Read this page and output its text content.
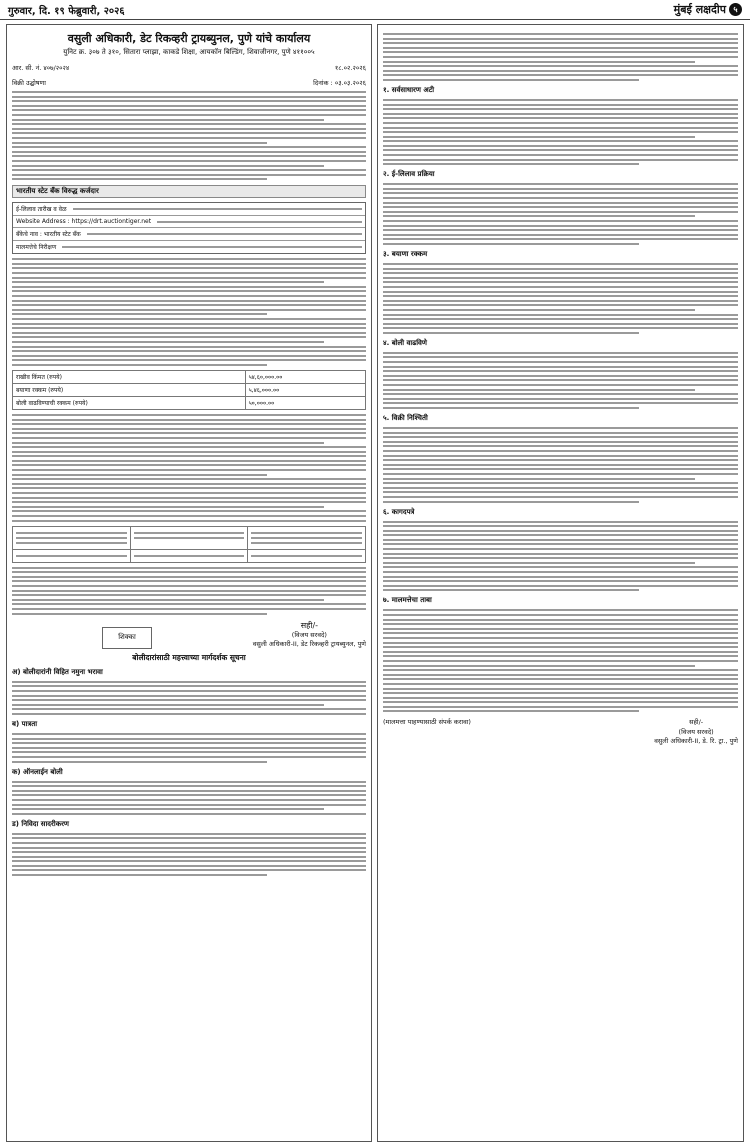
गुरुवार, दि. १९ फेब्रुवारी, २०२६	मुंबई लक्षदीप ५
वसुली अधिकारी, डेट रिकव्हरी ट्रायब्युनल, पुणे यांचे कार्यालय
युनिट क्र. ३०७ ते ३१०, सितारा प्लाझा, काकडे शिक्षा, आयकॉन बिल्डिंग, शिवाजीनगर, पुणे ४११००५
आर. सी. नं. ४०७/२०२४	१८.०२.२०२६
विक्री उद्घोषणा	दिनांक : ०३.०३.२०२६
भारतीय स्टेट बँक विरुद्ध कर्जदार
ई-लिलाव तारीख व वेळ
Website Address : https://drt.auctiontiger.net
बँकेचे नाव : भारतीय स्टेट बँक
मालमत्तेचे निरीक्षण
राखीव किंमत (रुपये)	५४,६०,०००.००
बयाणा रक्कम (रुपये)	५,४६,०००.००
बोली वाढविण्याची रक्कम (रुपये)	५०,०००.००

शिक्का
सही/-
(विजय सरवदे)
वसुली अधिकारी-II, डेट रिकव्हरी ट्रायब्युनल, पुणे
बोलीदारांसाठी महत्त्वाच्या मार्गदर्शक सूचना
अ) बोलीदारांनी विहित नमुना भरावा
ब) पात्रता
क) ऑनलाईन बोली
ड) निविदा सादरीकरण
१. सर्वसाधारण अटी
२. ई-लिलाव प्रक्रिया
३. बयाणा रक्कम
४. बोली वाढविणे
५. विक्री निश्चिती
६. कागदपत्रे
७. मालमत्तेचा ताबा
(मालमत्ता पाहण्यासाठी संपर्क करावा)	सही/-
(विजय सरवदे)
वसुली अधिकारी-II, डे. रि. ट्रा., पुणे
